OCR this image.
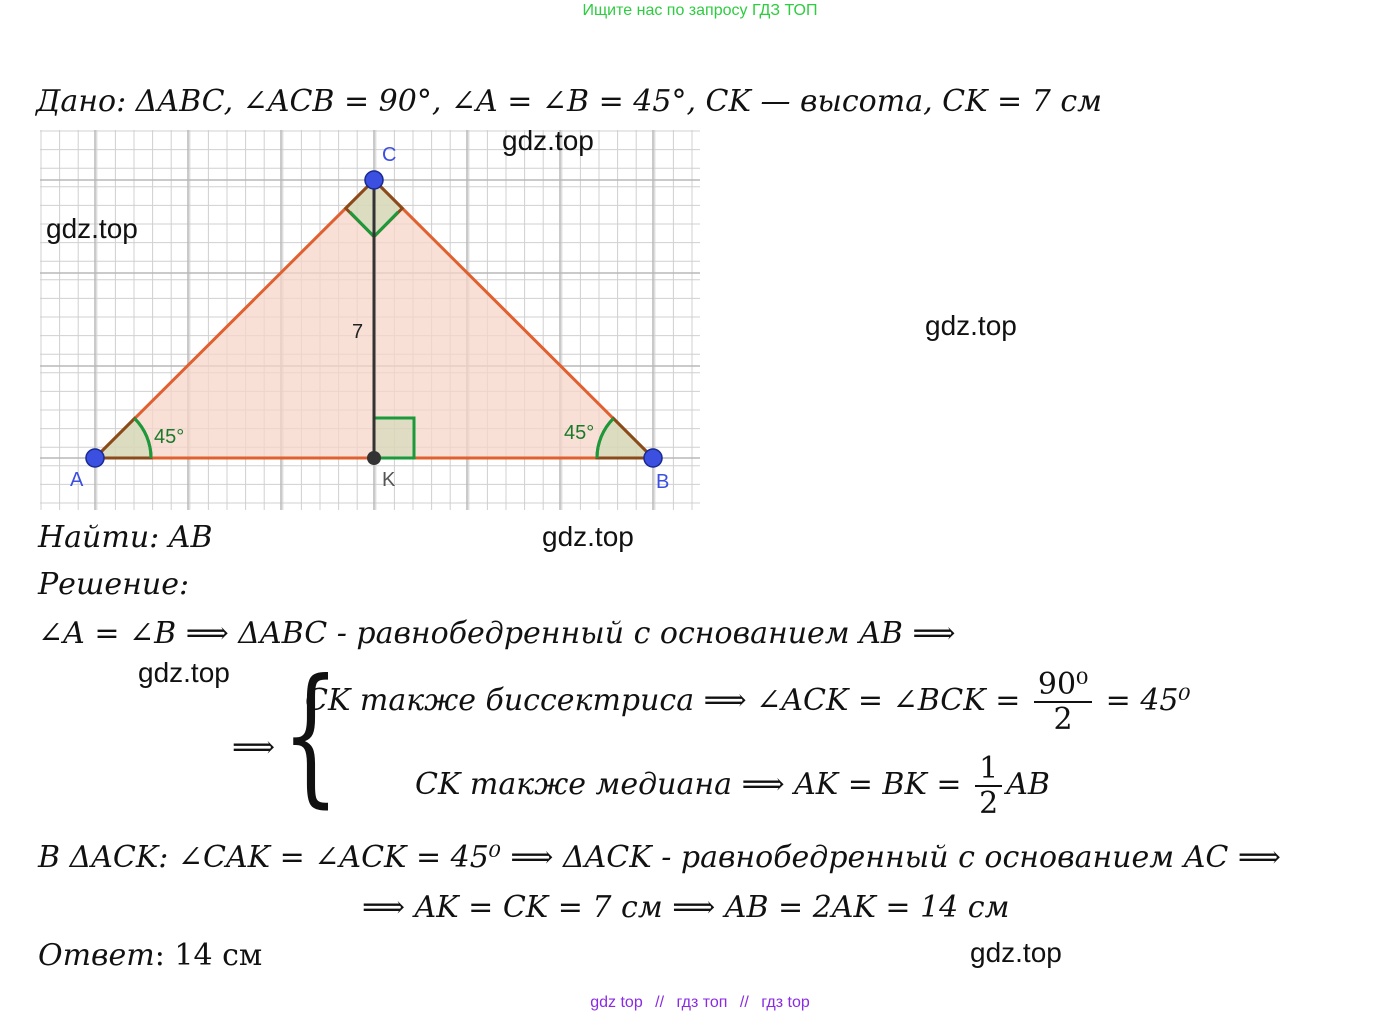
Ищите нас по запросу ГДЗ ТОП
Дано: ΔABC, ∠ACB = 90°, ∠A = ∠B = 45°, CK — высота, CK = 7 см
7
45°	45°
A	B
C
K
gdz.top
gdz.top
gdz.top
gdz.top
gdz.top
gdz.top
Найти: AB
Решение:
∠A = ∠B ⟹ ΔABC - равнобедренный с основанием AB ⟹
⟹ {
CK также биссектриса ⟹ ∠ACK = ∠BCK = $\frac{\text{90⁰}}{2} = 45^0$
CK также медиана ⟹ AK = BK = $\frac{1}{2}$ AB
В ΔACK: ∠CAK = ∠ACK = 45⁰ ⟹ ΔACK - равнобедренный с основанием AC ⟹
⟹ AK = CK = 7 см ⟹ AB = 2AK = 14 см
Ответ: 14 см
gdz top // гдз топ // гдз top
